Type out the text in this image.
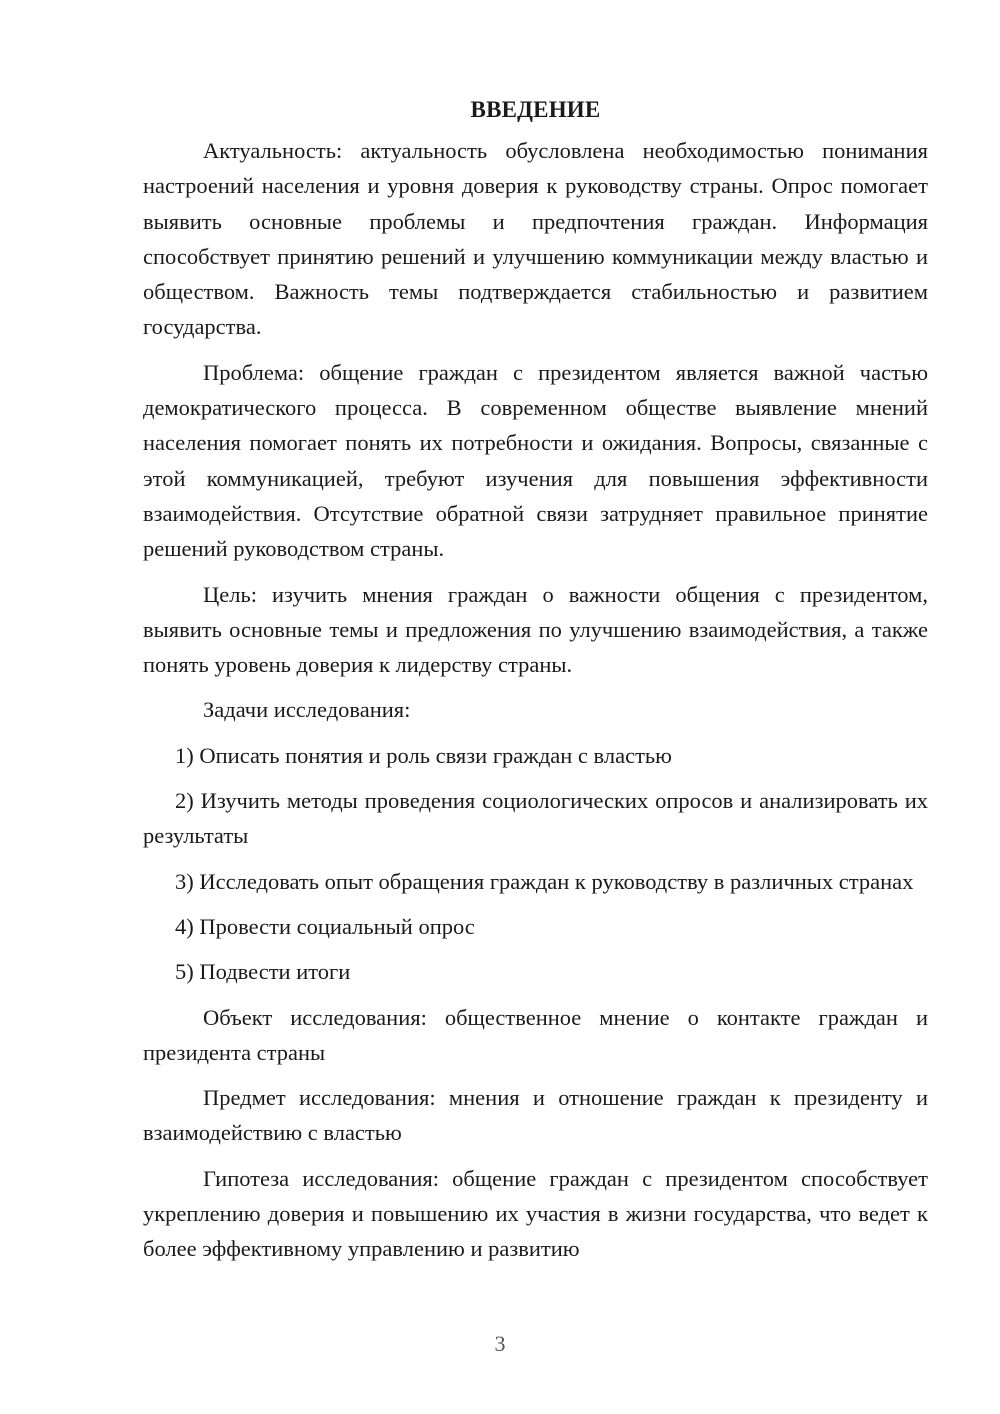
ВВЕДЕНИЕ

Актуальность: актуальность обусловлена необходимостью понимания настроений населения и уровня доверия к руководству страны. Опрос помогает выявить основные проблемы и предпочтения граждан. Информация способствует принятию решений и улучшению коммуникации между властью и обществом. Важность темы подтверждается стабильностью и развитием государства.

Проблема: общение граждан с президентом является важной частью демократического процесса. В современном обществе выявление мнений населения помогает понять их потребности и ожидания. Вопросы, связанные с этой коммуникацией, требуют изучения для повышения эффективности взаимодействия. Отсутствие обратной связи затрудняет правильное принятие решений руководством страны.

Цель: изучить мнения граждан о важности общения с президентом, выявить основные темы и предложения по улучшению взаимодействия, а также понять уровень доверия к лидерству страны.

Задачи исследования:

1) Описать понятия и роль связи граждан с властью

2) Изучить методы проведения социологических опросов и анализировать их результаты

3) Исследовать опыт обращения граждан к руководству в различных странах

4) Провести социальный опрос

5) Подвести итоги

Объект исследования: общественное мнение о контакте граждан и президента страны

Предмет исследования: мнения и отношение граждан к президенту и взаимодействию с властью

Гипотеза исследования: общение граждан с президентом способствует укреплению доверия и повышению их участия в жизни государства, что ведет к более эффективному управлению и развитию

3
